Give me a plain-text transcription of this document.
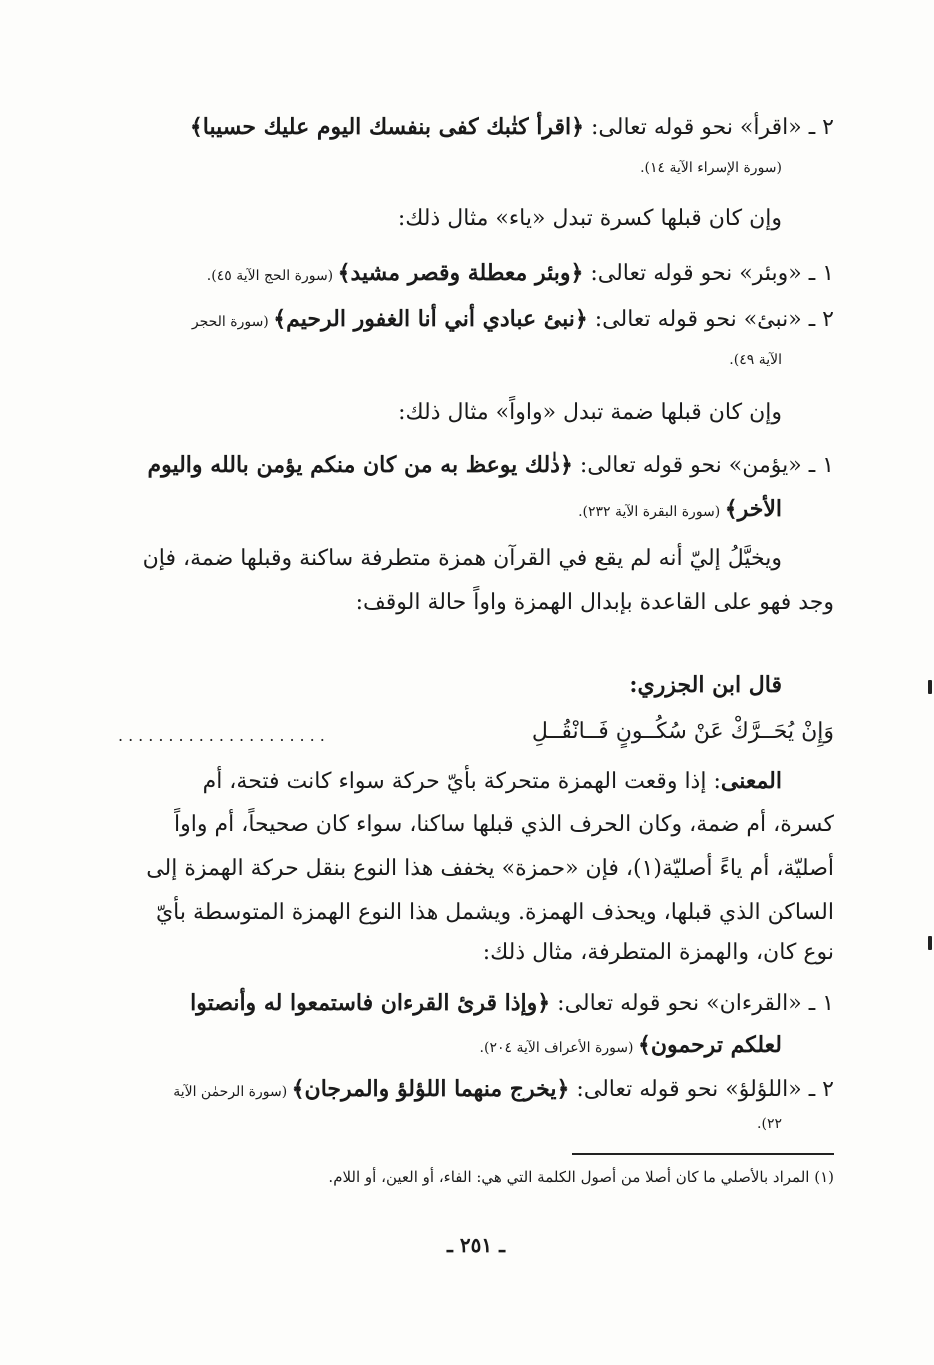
٢ ـ «اقرأ» نحو قوله تعالى: ﴿اقرأ كتٰبك كفى بنفسك اليوم عليك حسيبا﴾
(سورة الإسراء الآية ١٤).
وإن كان قبلها كسرة تبدل «ياء» مثال ذلك:
١ ـ «وبئر» نحو قوله تعالى: ﴿وبئر معطلة وقصر مشيد﴾ (سورة الحج الآية ٤٥).
٢ ـ «نبئ» نحو قوله تعالى: ﴿نبئ عبادي أني أنا الغفور الرحيم﴾ (سورة الحجر
الآية ٤٩).
وإن كان قبلها ضمة تبدل «واواً» مثال ذلك:
١ ـ «يؤمن» نحو قوله تعالى: ﴿ذٰلك يوعظ به من كان منكم يؤمن بالله واليوم
الأخر﴾ (سورة البقرة الآية ٢٣٢).
ويخيَّلُ إليّ أنه لم يقع في القرآن همزة متطرفة ساكنة وقبلها ضمة، فإن
وجد فهو على القاعدة بإبدال الهمزة واواً حالة الوقف:
قال ابن الجزري:
وَإِنْ يُحَــرَّكْ عَنْ سُكُــونٍ فَــانْقُــلِ
.....................
المعنى: إذا وقعت الهمزة متحركة بأيّ حركة سواء كانت فتحة، أم
كسرة، أم ضمة، وكان الحرف الذي قبلها ساكنا، سواء كان صحيحاً، أم واواً
أصليّة، أم ياءً أصليّة(١)، فإن «حمزة» يخفف هذا النوع بنقل حركة الهمزة إلى
الساكن الذي قبلها، ويحذف الهمزة. ويشمل هذا النوع الهمزة المتوسطة بأيّ
نوع كان، والهمزة المتطرفة، مثال ذلك:
١ ـ «القرءان» نحو قوله تعالى: ﴿وإذا قرئ القرءان فاستمعوا له وأنصتوا
لعلكم ترحمون﴾ (سورة الأعراف الآية ٢٠٤).
٢ ـ «اللؤلؤ» نحو قوله تعالى: ﴿يخرج منهما اللؤلؤ والمرجان﴾ (سورة الرحمٰن الآية
٢٢).
(١) المراد بالأصلي ما كان أصلا من أصول الكلمة التي هي: الفاء، أو العين، أو اللام.
ـ ٢٥١ ـ
